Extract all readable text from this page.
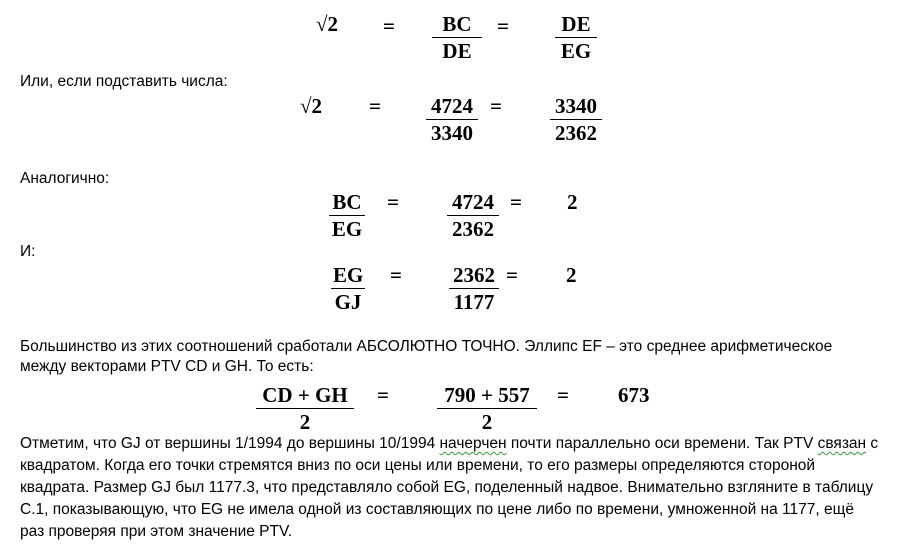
$√2 = \frac{BC}{DE} = \frac{DE}{EG}$
Или, если подставить числа:
$√2 = \frac{4724}{3340} = \frac{3340}{2362}$
Аналогично:
$\frac{BC}{EG} = \frac{4724}{2362} = 2$
И:
$\frac{EG}{GJ} = \frac{2362}{1177} = 2$
Большинство из этих соотношений сработали АБСОЛЮТНО ТОЧНО. Эллипс EF – это среднее арифметическое
между векторами PTV CD и GH. То есть:
$\frac{CD + GH}{2} = \frac{790 + 557}{2} = 673$
Отметим, что GJ от вершины 1/1994 до вершины 10/1994 начерчен почти параллельно оси времени. Так PTV связан с
квадратом. Когда его точки стремятся вниз по оси цены или времени, то его размеры определяются стороной
квадрата. Размер GJ был 1177.3, что представляло собой EG, поделенный надвое. Внимательно взгляните в таблицу
С.1, показывающую, что EG не имела одной из составляющих по цене либо по времени, умноженной на 1177, ещё
раз проверяя при этом значение PTV.
